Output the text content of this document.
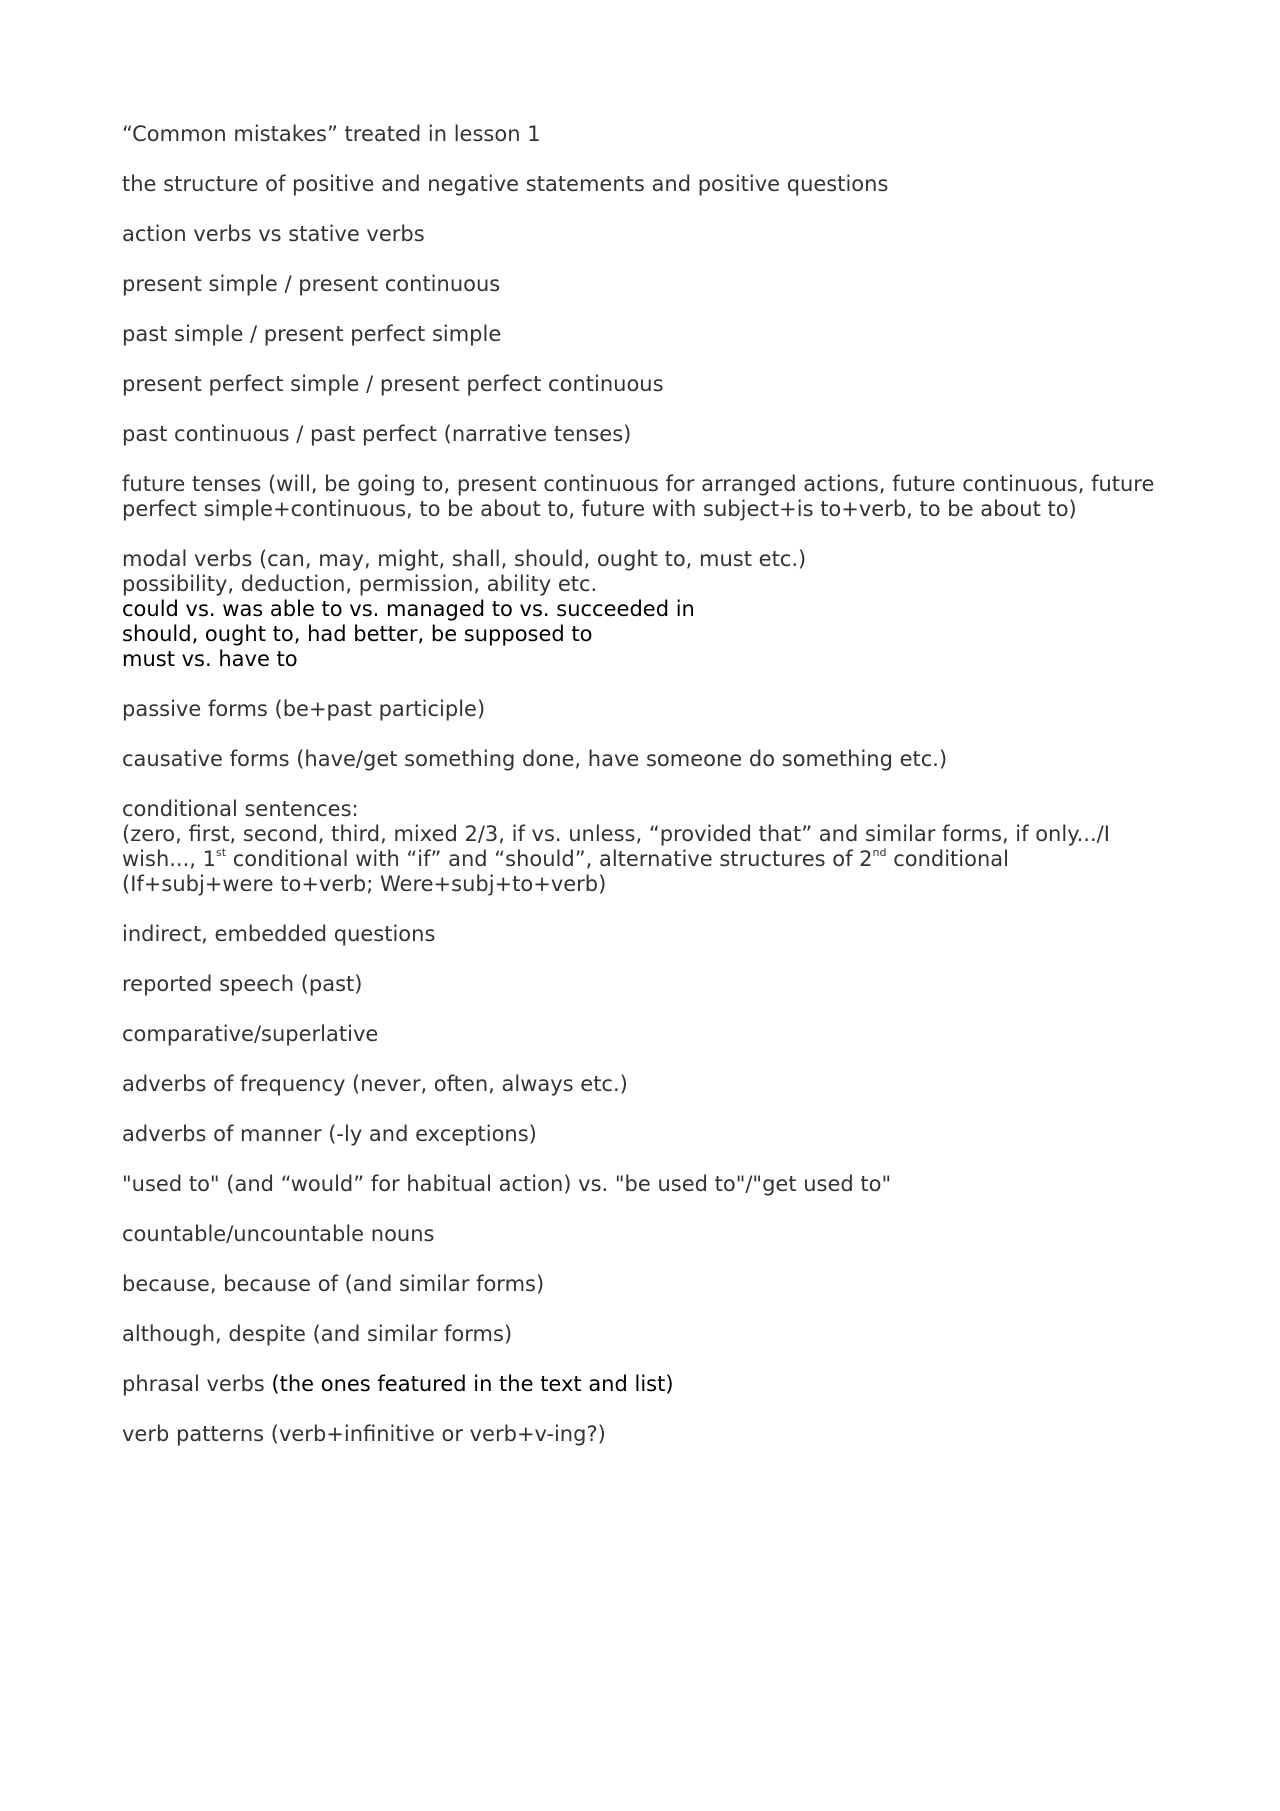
“Common mistakes” treated in lesson 1
the structure of positive and negative statements and positive questions
action verbs vs stative verbs
present simple / present continuous
past simple / present perfect simple
present perfect simple / present perfect continuous
past continuous / past perfect (narrative tenses)
future tenses (will, be going to, present continuous for arranged actions, future continuous, future perfect simple+continuous, to be about to, future with subject+is to+verb, to be about to)
modal verbs (can, may, might, shall, should, ought to, must etc.)
possibility, deduction, permission, ability etc.
could vs. was able to vs. managed to vs. succeeded in
should, ought to, had better, be supposed to
must vs. have to
passive forms (be+past participle)
causative forms (have/get something done, have someone do something etc.)
conditional sentences:
(zero, first, second, third, mixed 2/3, if vs. unless, “provided that” and similar forms, if only.../I wish..., 1st conditional with “if” and “should”, alternative structures of 2nd conditional (If+subj+were to+verb; Were+subj+to+verb)
indirect, embedded questions
reported speech (past)
comparative/superlative
adverbs of frequency (never, often, always etc.)
adverbs of manner (-ly and exceptions)
"used to" (and “would” for habitual action) vs. "be used to"/"get used to"
countable/uncountable nouns
because, because of (and similar forms)
although, despite (and similar forms)
phrasal verbs (the ones featured in the text and list)
verb patterns (verb+infinitive or verb+v-ing?)
